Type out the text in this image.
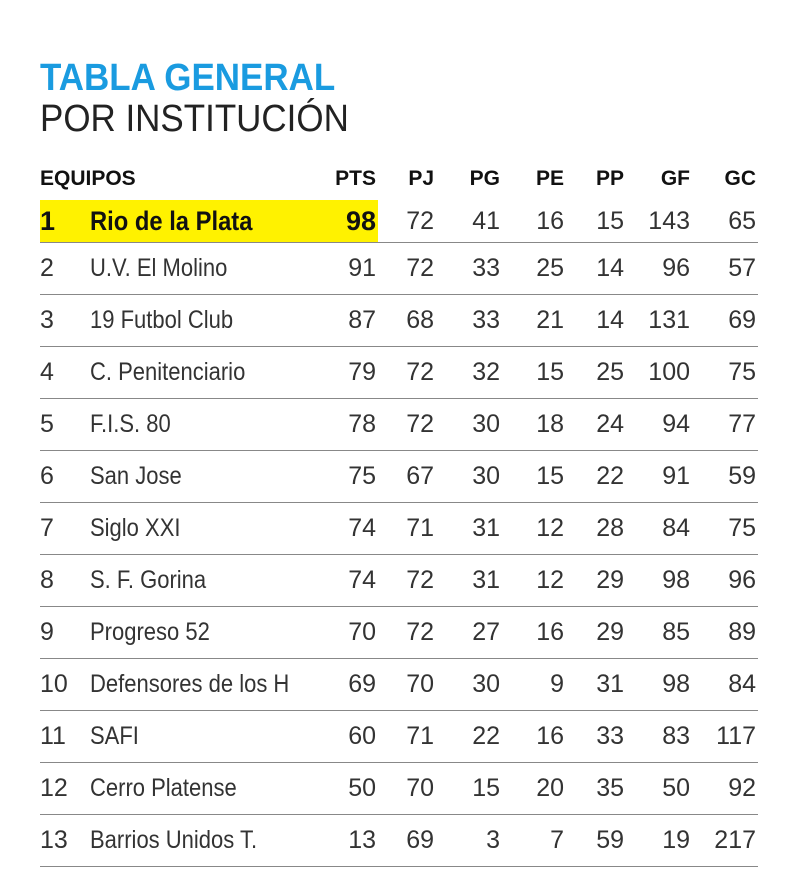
TABLA GENERAL
POR INSTITUCIÓN
EQUIPOS		PTS	PJ	PG	PE	PP	GF	GC
1	Rio de la Plata	98	72	41	16	15	143	65
2	U.V. El Molino	91	72	33	25	14	96	57
3	19 Futbol Club	87	68	33	21	14	131	69
4	C. Penitenciario	79	72	32	15	25	100	75
5	F.I.S. 80	78	72	30	18	24	94	77
6	San Jose	75	67	30	15	22	91	59
7	Siglo XXI	74	71	31	12	28	84	75
8	S. F. Gorina	74	72	31	12	29	98	96
9	Progreso 52	70	72	27	16	29	85	89
10	Defensores de los H	69	70	30	9	31	98	84
11	SAFI	60	71	22	16	33	83	117
12	Cerro Platense	50	70	15	20	35	50	92
13	Barrios Unidos T.	13	69	3	7	59	19	217
